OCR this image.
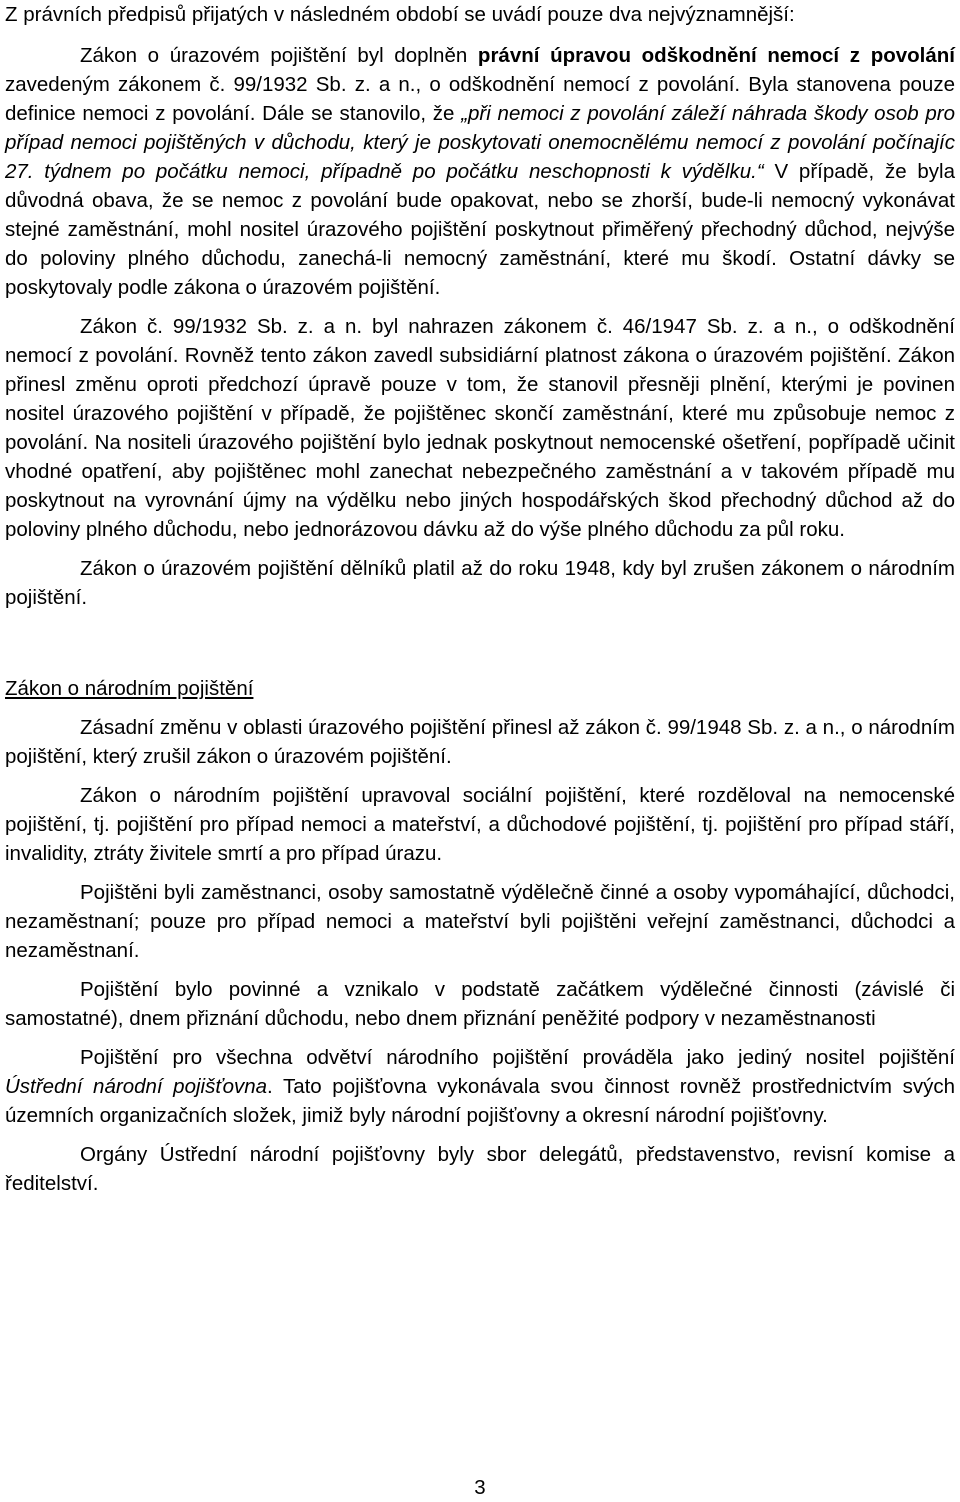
Z právních předpisů přijatých v následném období se uvádí pouze dva nejvýznamnější:

Zákon o úrazovém pojištění byl doplněn právní úpravou odškodnění nemocí z povolání zavedeným zákonem č. 99/1932 Sb. z. a n., o odškodnění nemocí z povolání. Byla stanovena pouze definice nemoci z povolání. Dále se stanovilo, že „při nemoci z povolání záleží náhrada škody osob pro případ nemoci pojištěných v důchodu, který je poskytovati onemocnělému nemocí z povolání počínajíc 27. týdnem po počátku nemoci, případně po počátku neschopnosti k výdělku.“ V případě, že byla důvodná obava, že se nemoc z povolání bude opakovat, nebo se zhorší, bude-li nemocný vykonávat stejné zaměstnání, mohl nositel úrazového pojištění poskytnout přiměřený přechodný důchod, nejvýše do poloviny plného důchodu, zanechá-li nemocný zaměstnání, které mu škodí. Ostatní dávky se poskytovaly podle zákona o úrazovém pojištění.

Zákon č. 99/1932 Sb. z. a n. byl nahrazen zákonem č. 46/1947 Sb. z. a n., o odškodnění nemocí z povolání. Rovněž tento zákon zavedl subsidiární platnost zákona o úrazovém pojištění. Zákon přinesl změnu oproti předchozí úpravě pouze v tom, že stanovil přesněji plnění, kterými je povinen nositel úrazového pojištění v případě, že pojištěnec skončí zaměstnání, které mu způsobuje nemoc z povolání. Na nositeli úrazového pojištění bylo jednak poskytnout nemocenské ošetření, popřípadě učinit vhodné opatření, aby pojištěnec mohl zanechat nebezpečného zaměstnání a v takovém případě mu poskytnout na vyrovnání újmy na výdělku nebo jiných hospodářských škod přechodný důchod až do poloviny plného důchodu, nebo jednorázovou dávku až do výše plného důchodu za půl roku.

Zákon o úrazovém pojištění dělníků platil až do roku 1948, kdy byl zrušen zákonem o národním pojištění.

Zákon o národním pojištění

Zásadní změnu v oblasti úrazového pojištění přinesl až zákon č. 99/1948 Sb. z. a n., o národním pojištění, který zrušil zákon o úrazovém pojištění.

Zákon o národním pojištění upravoval sociální pojištění, které rozděloval na nemocenské pojištění, tj. pojištění pro případ nemoci a mateřství, a důchodové pojištění, tj. pojištění pro případ stáří, invalidity, ztráty živitele smrtí a pro případ úrazu.

Pojištěni byli zaměstnanci, osoby samostatně výdělečně činné a osoby vypomáhající, důchodci, nezaměstnaní; pouze pro případ nemoci a mateřství byli pojištěni veřejní zaměstnanci, důchodci a nezaměstnaní.

Pojištění bylo povinné a vznikalo v podstatě začátkem výdělečné činnosti (závislé či samostatné), dnem přiznání důchodu, nebo dnem přiznání peněžité podpory v nezaměstnanosti

Pojištění pro všechna odvětví národního pojištění prováděla jako jediný nositel pojištění Ústřední národní pojišťovna. Tato pojišťovna vykonávala svou činnost rovněž prostřednictvím svých územních organizačních složek, jimiž byly národní pojišťovny a okresní národní pojišťovny.

Orgány Ústřední národní pojišťovny byly sbor delegátů, představenstvo, revisní komise a ředitelství.

3
